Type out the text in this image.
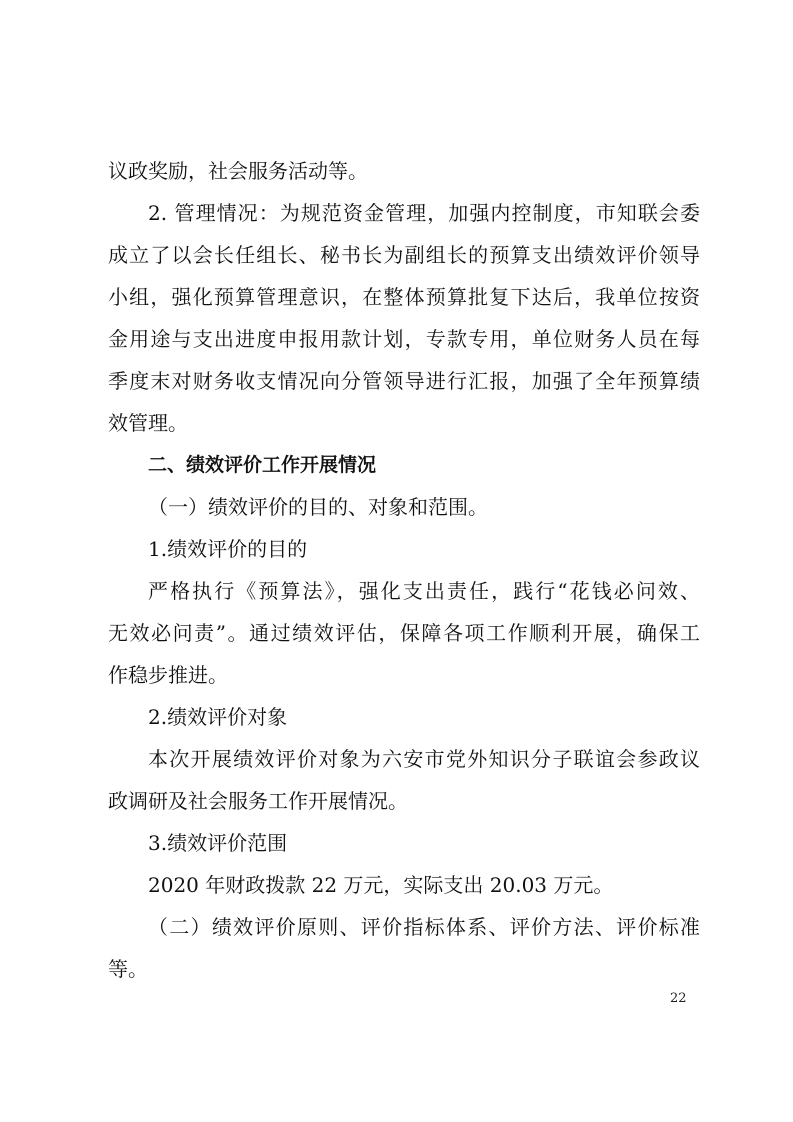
议政奖励，社会服务活动等。
2. 管理情况：为规范资金管理，加强内控制度，市知联会委
成立了以会长任组长、秘书长为副组长的预算支出绩效评价领导
小组，强化预算管理意识，在整体预算批复下达后，我单位按资
金用途与支出进度申报用款计划，专款专用，单位财务人员在每
季度末对财务收支情况向分管领导进行汇报，加强了全年预算绩
效管理。
二、绩效评价工作开展情况
（一）绩效评价的目的、对象和范围。
1.绩效评价的目的
严格执行《预算法》，强化支出责任，践行“花钱必问效、
无效必问责”。通过绩效评估，保障各项工作顺利开展，确保工
作稳步推进。
2.绩效评价对象
本次开展绩效评价对象为六安市党外知识分子联谊会参政议
政调研及社会服务工作开展情况。
3.绩效评价范围
2020 年财政拨款 22 万元，实际支出 20.03 万元。
（二）绩效评价原则、评价指标体系、评价方法、评价标准
等。
22
